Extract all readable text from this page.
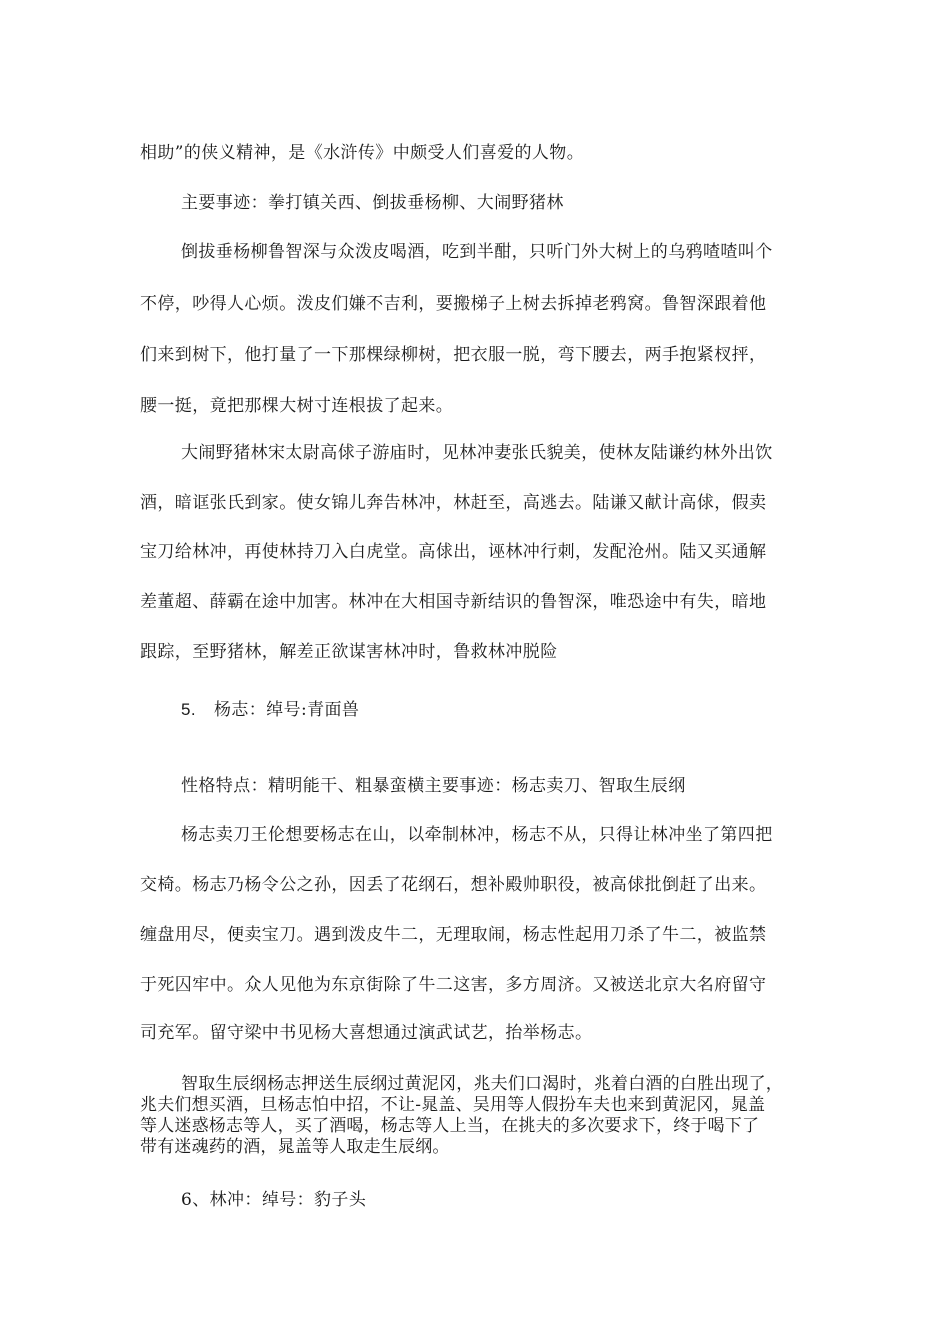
相助”的侠义精神，是《水浒传》中颇受人们喜爱的人物。
主要事迹：拳打镇关西、倒拔垂杨柳、大闹野猪林
倒拔垂杨柳鲁智深与众泼皮喝酒，吃到半酣，只听门外大树上的乌鸦喳喳叫个
不停，吵得人心烦。泼皮们嫌不吉利，要搬梯子上树去拆掉老鸦窝。鲁智深跟着他
们来到树下，他打量了一下那棵绿柳树，把衣服一脱，弯下腰去，两手抱紧杈抨，
腰一挺，竟把那棵大树寸连根拔了起来。
大闹野猪林宋太尉高俅子游庙时，见林冲妻张氏貌美，使林友陆谦约林外出饮
酒，暗诓张氏到家。使女锦儿奔告林冲，林赶至，高逃去。陆谦又献计高俅，假卖
宝刀给林冲，再使林持刀入白虎堂。高俅出，诬林冲行刺，发配沧州。陆又买通解
差董超、薛霸在途中加害。林冲在大相国寺新结识的鲁智深，唯恐途中有失，暗地
跟踪，至野猪林，解差正欲谋害林冲时，鲁救林冲脱险
5. 杨志：绰号:青面兽
性格特点：精明能干、粗暴蛮横主要事迹：杨志卖刀、智取生辰纲
杨志卖刀王伦想要杨志在山，以牵制林冲，杨志不从，只得让林冲坐了第四把
交椅。杨志乃杨令公之孙，因丢了花纲石，想补殿帅职役，被高俅批倒赶了出来。
缠盘用尽，便卖宝刀。遇到泼皮牛二，无理取闹，杨志性起用刀杀了牛二，被监禁
于死囚牢中。众人见他为东京街除了牛二这害，多方周济。又被送北京大名府留守
司充军。留守梁中书见杨大喜想通过演武试艺，抬举杨志。
智取生辰纲杨志押送生辰纲过黄泥冈，兆夫们口渴时，兆着白酒的白胜出现了，
兆夫们想买酒，旦杨志怕中招，不让-晁盖、吴用等人假扮车夫也来到黄泥冈，晁盖
等人迷惑杨志等人，买了酒喝，杨志等人上当，在挑夫的多次要求下，终于喝下了
带有迷魂药的酒，晁盖等人取走生辰纲。
6、林冲：绰号：豹子头
